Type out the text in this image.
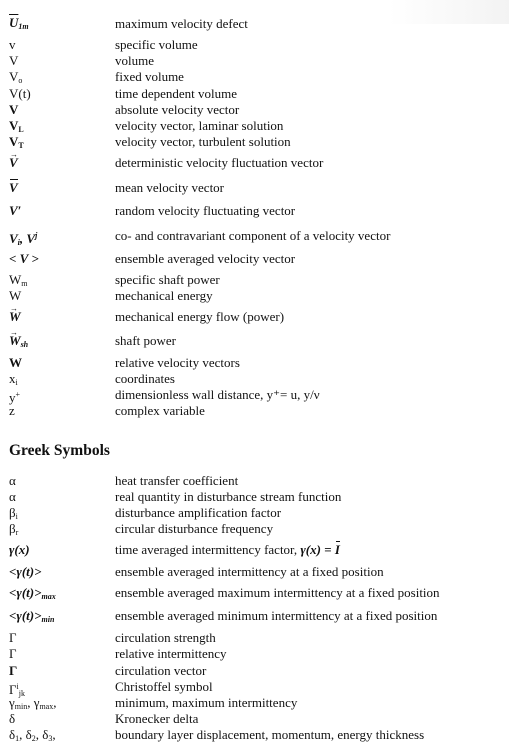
$\overline{U}_{1m}$	maximum velocity defect
v	specific volume
V	volume
$V_o$	fixed volume
V(t)	time dependent volume
V	absolute velocity vector
$V_L$	velocity vector, laminar solution
$V_T$	velocity vector, turbulent solution
→ V	deterministic velocity fluctuation vector
V	mean velocity vector
V′	random velocity fluctuating vector
$V_i$, $V^j$	co- and contravariant component of a velocity vector
< V >	ensemble averaged velocity vector
$W_m$	specific shaft power
W	mechanical energy
→ W	mechanical energy flow (power)
→ $W_{sh}$	shaft power
W	relative velocity vectors
$x_i$	coordinates
y+	dimensionless wall distance, y⁺= u, y/ν
z	complex variable
Greek Symbols
α	heat transfer coefficient
α	real quantity in disturbance stream function
$\beta_i$	disturbance amplification factor
$\beta_r$	circular disturbance frequency
γ(x)	time averaged intermittency factor, γ(x) = I
<γ(t)>	ensemble averaged intermittency at a fixed position
$<\gamma(t)>_{max}$	ensemble averaged maximum intermittency at a fixed position
$<\gamma(t)>_{min}$	ensemble averaged minimum intermittency at a fixed position
Γ	circulation strength
Γ	relative intermittency
Γ	circulation vector
$\Gamma^i_{jk}$	Christoffel symbol
$\gamma_{min}$, $\gamma_{max}$,	minimum, maximum intermittency
δ	Kronecker delta
$\delta_1$, $\delta_2$, $\delta_3$,	boundary layer displacement, momentum, energy thickness
